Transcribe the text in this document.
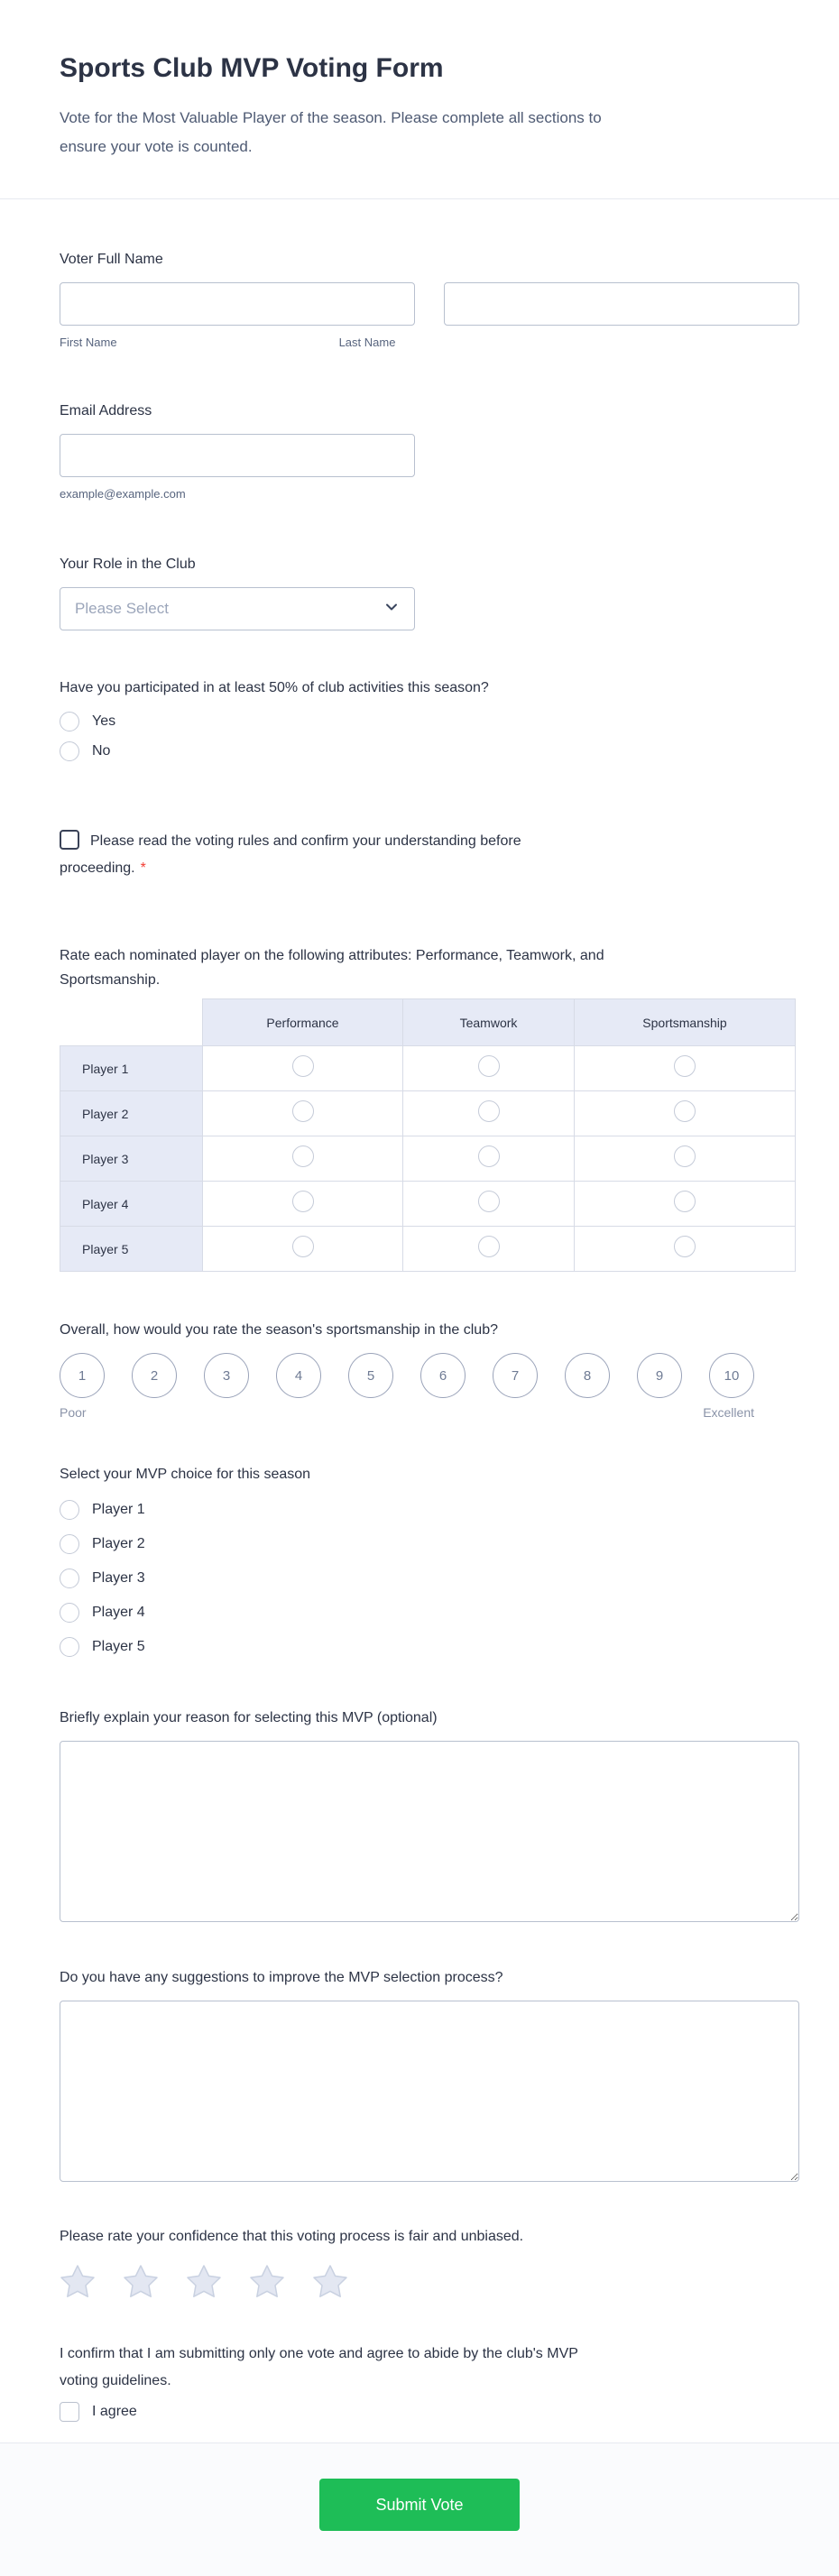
Sports Club MVP Voting Form
Vote for the Most Valuable Player of the season. Please complete all sections to
ensure your vote is counted.
Voter Full Name
First Name	Last Name
Email Address
example@example.com
Your Role in the Club
Please Select
Have you participated in at least 50% of club activities this season?
Yes
No
Please read the voting rules and confirm your understanding before
proceeding. *
Rate each nominated player on the following attributes: Performance, Teamwork, and
Sportsmanship.
	Performance	Teamwork	Sportsmanship
Player 1			
Player 2			
Player 3			
Player 4			
Player 5			
Overall, how would you rate the season's sportsmanship in the club?
1	2	3	4	5	6	7	8	9	10
Poor	Excellent
Select your MVP choice for this season
Player 1
Player 2
Player 3
Player 4
Player 5
Briefly explain your reason for selecting this MVP (optional)
Do you have any suggestions to improve the MVP selection process?
Please rate your confidence that this voting process is fair and unbiased.
I confirm that I am submitting only one vote and agree to abide by the club's MVP
voting guidelines.
I agree
Submit Vote
